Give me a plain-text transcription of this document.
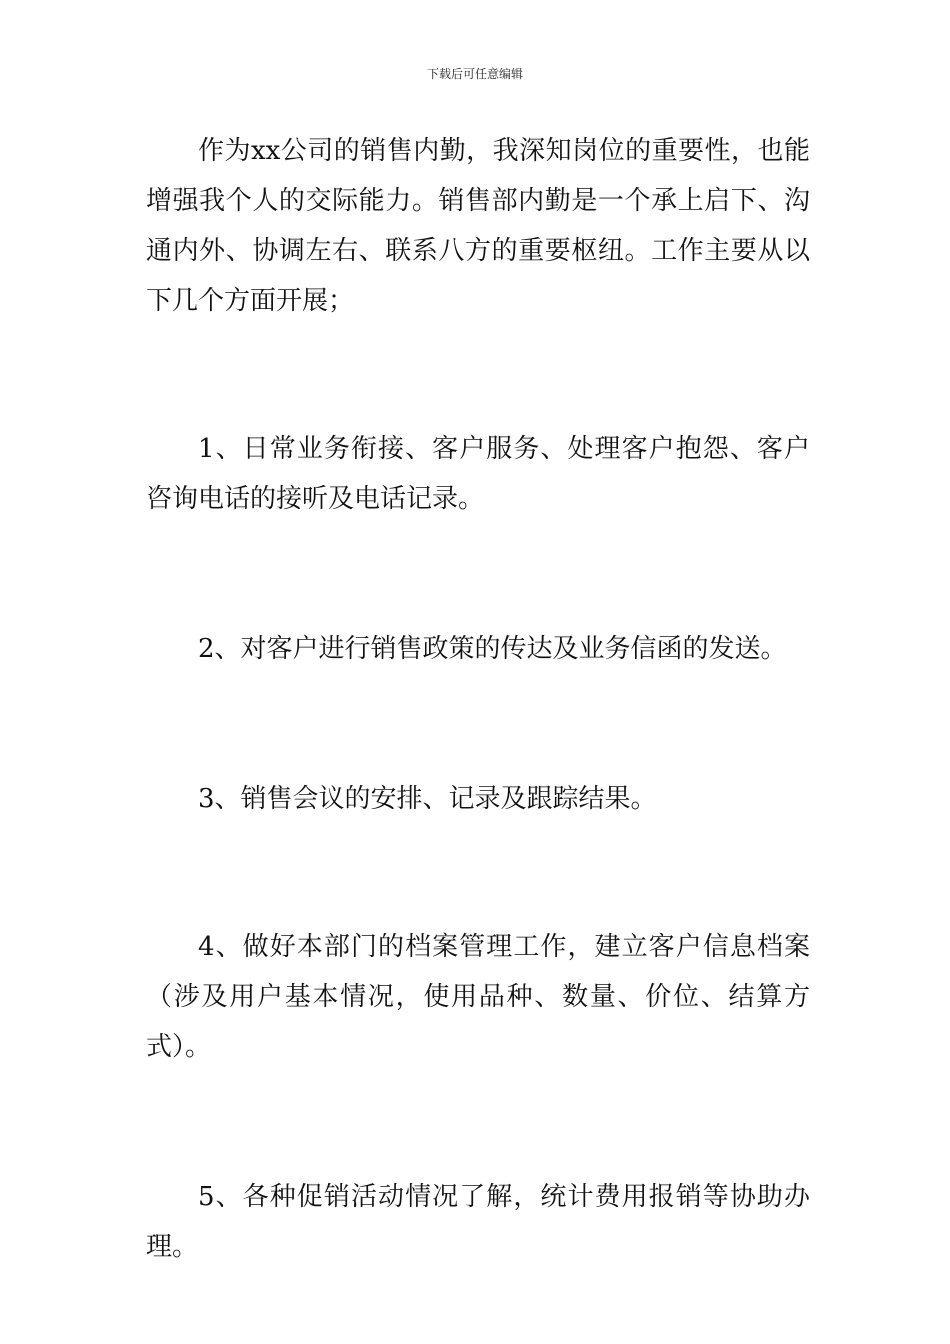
下载后可任意编辑

作为xx公司的销售内勤，我深知岗位的重要性，也能增强我个人的交际能力。销售部内勤是一个承上启下、沟通内外、协调左右、联系八方的重要枢纽。工作主要从以下几个方面开展；

1、日常业务衔接、客户服务、处理客户抱怨、客户咨询电话的接听及电话记录。

2、对客户进行销售政策的传达及业务信函的发送。

3、销售会议的安排、记录及跟踪结果。

4、做好本部门的档案管理工作，建立客户信息档案（涉及用户基本情况，使用品种、数量、价位、结算方式）。

5、各种促销活动情况了解，统计费用报销等协助办理。
